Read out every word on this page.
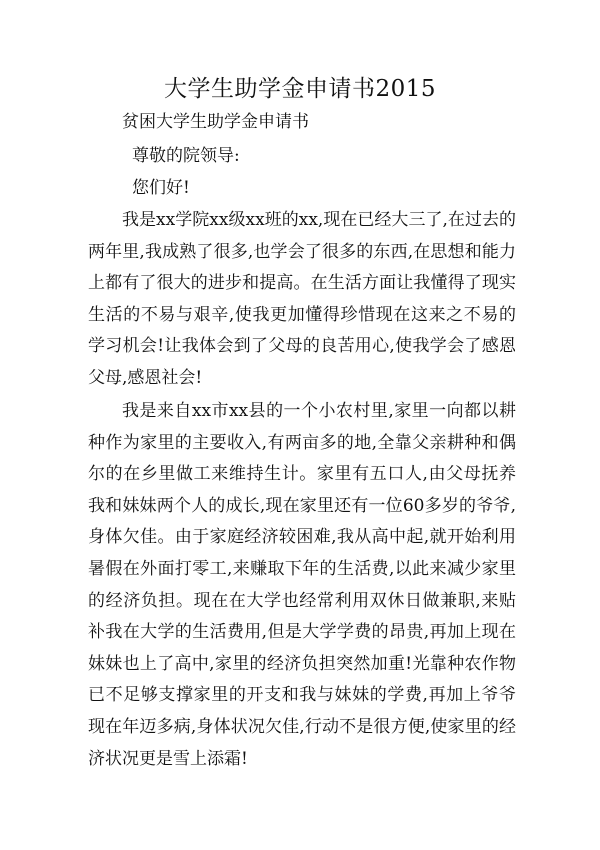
大学生助学金申请书2015

贫困大学生助学金申请书

尊敬的院领导:

您们好!

我是xx学院xx级xx班的xx,现在已经大三了,在过去的两年里,我成熟了很多,也学会了很多的东西,在思想和能力上都有了很大的进步和提高。在生活方面让我懂得了现实生活的不易与艰辛,使我更加懂得珍惜现在这来之不易的学习机会!让我体会到了父母的良苦用心,使我学会了感恩父母,感恩社会!

我是来自xx市xx县的一个小农村里,家里一向都以耕种作为家里的主要收入,有两亩多的地,全靠父亲耕种和偶尔的在乡里做工来维持生计。家里有五口人,由父母抚养我和妹妹两个人的成长,现在家里还有一位60多岁的爷爷,身体欠佳。由于家庭经济较困难,我从高中起,就开始利用暑假在外面打零工,来赚取下年的生活费,以此来减少家里的经济负担。现在在大学也经常利用双休日做兼职,来贴补我在大学的生活费用,但是大学学费的昂贵,再加上现在妹妹也上了高中,家里的经济负担突然加重!光靠种农作物已不足够支撑家里的开支和我与妹妹的学费,再加上爷爷现在年迈多病,身体状况欠佳,行动不是很方便,使家里的经济状况更是雪上添霜!
